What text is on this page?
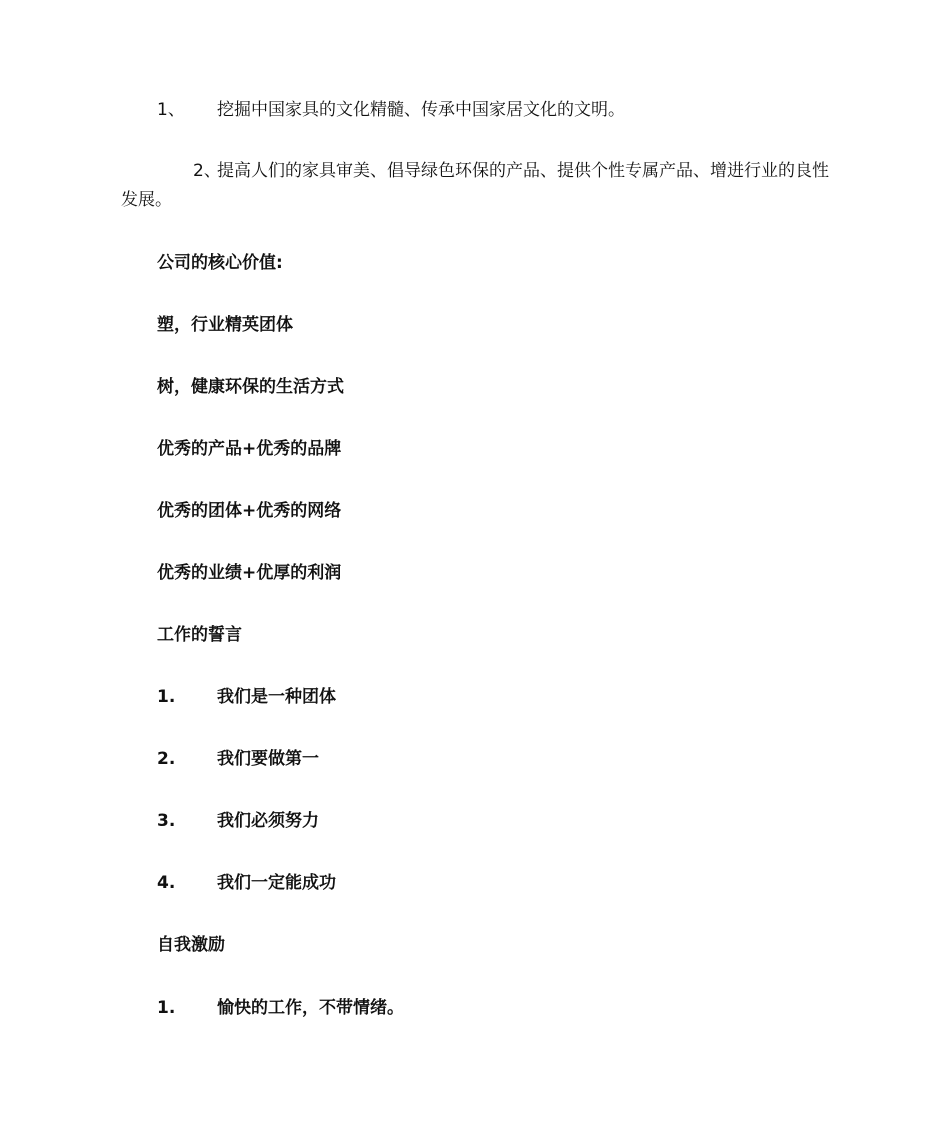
1、 挖掘中国家具的文化精髓、传承中国家居文化的文明。
2、提高人们的家具审美、倡导绿色环保的产品、提供个性专属产品、增进行业的良性发展。
公司的核心价值:
塑，行业精英团体
树，健康环保的生活方式
优秀的产品+优秀的品牌
优秀的团体+优秀的网络
优秀的业绩+优厚的利润
工作的誓言
1. 我们是一种团体
2. 我们要做第一
3. 我们必须努力
4. 我们一定能成功
自我激励
1. 愉快的工作，不带情绪。
